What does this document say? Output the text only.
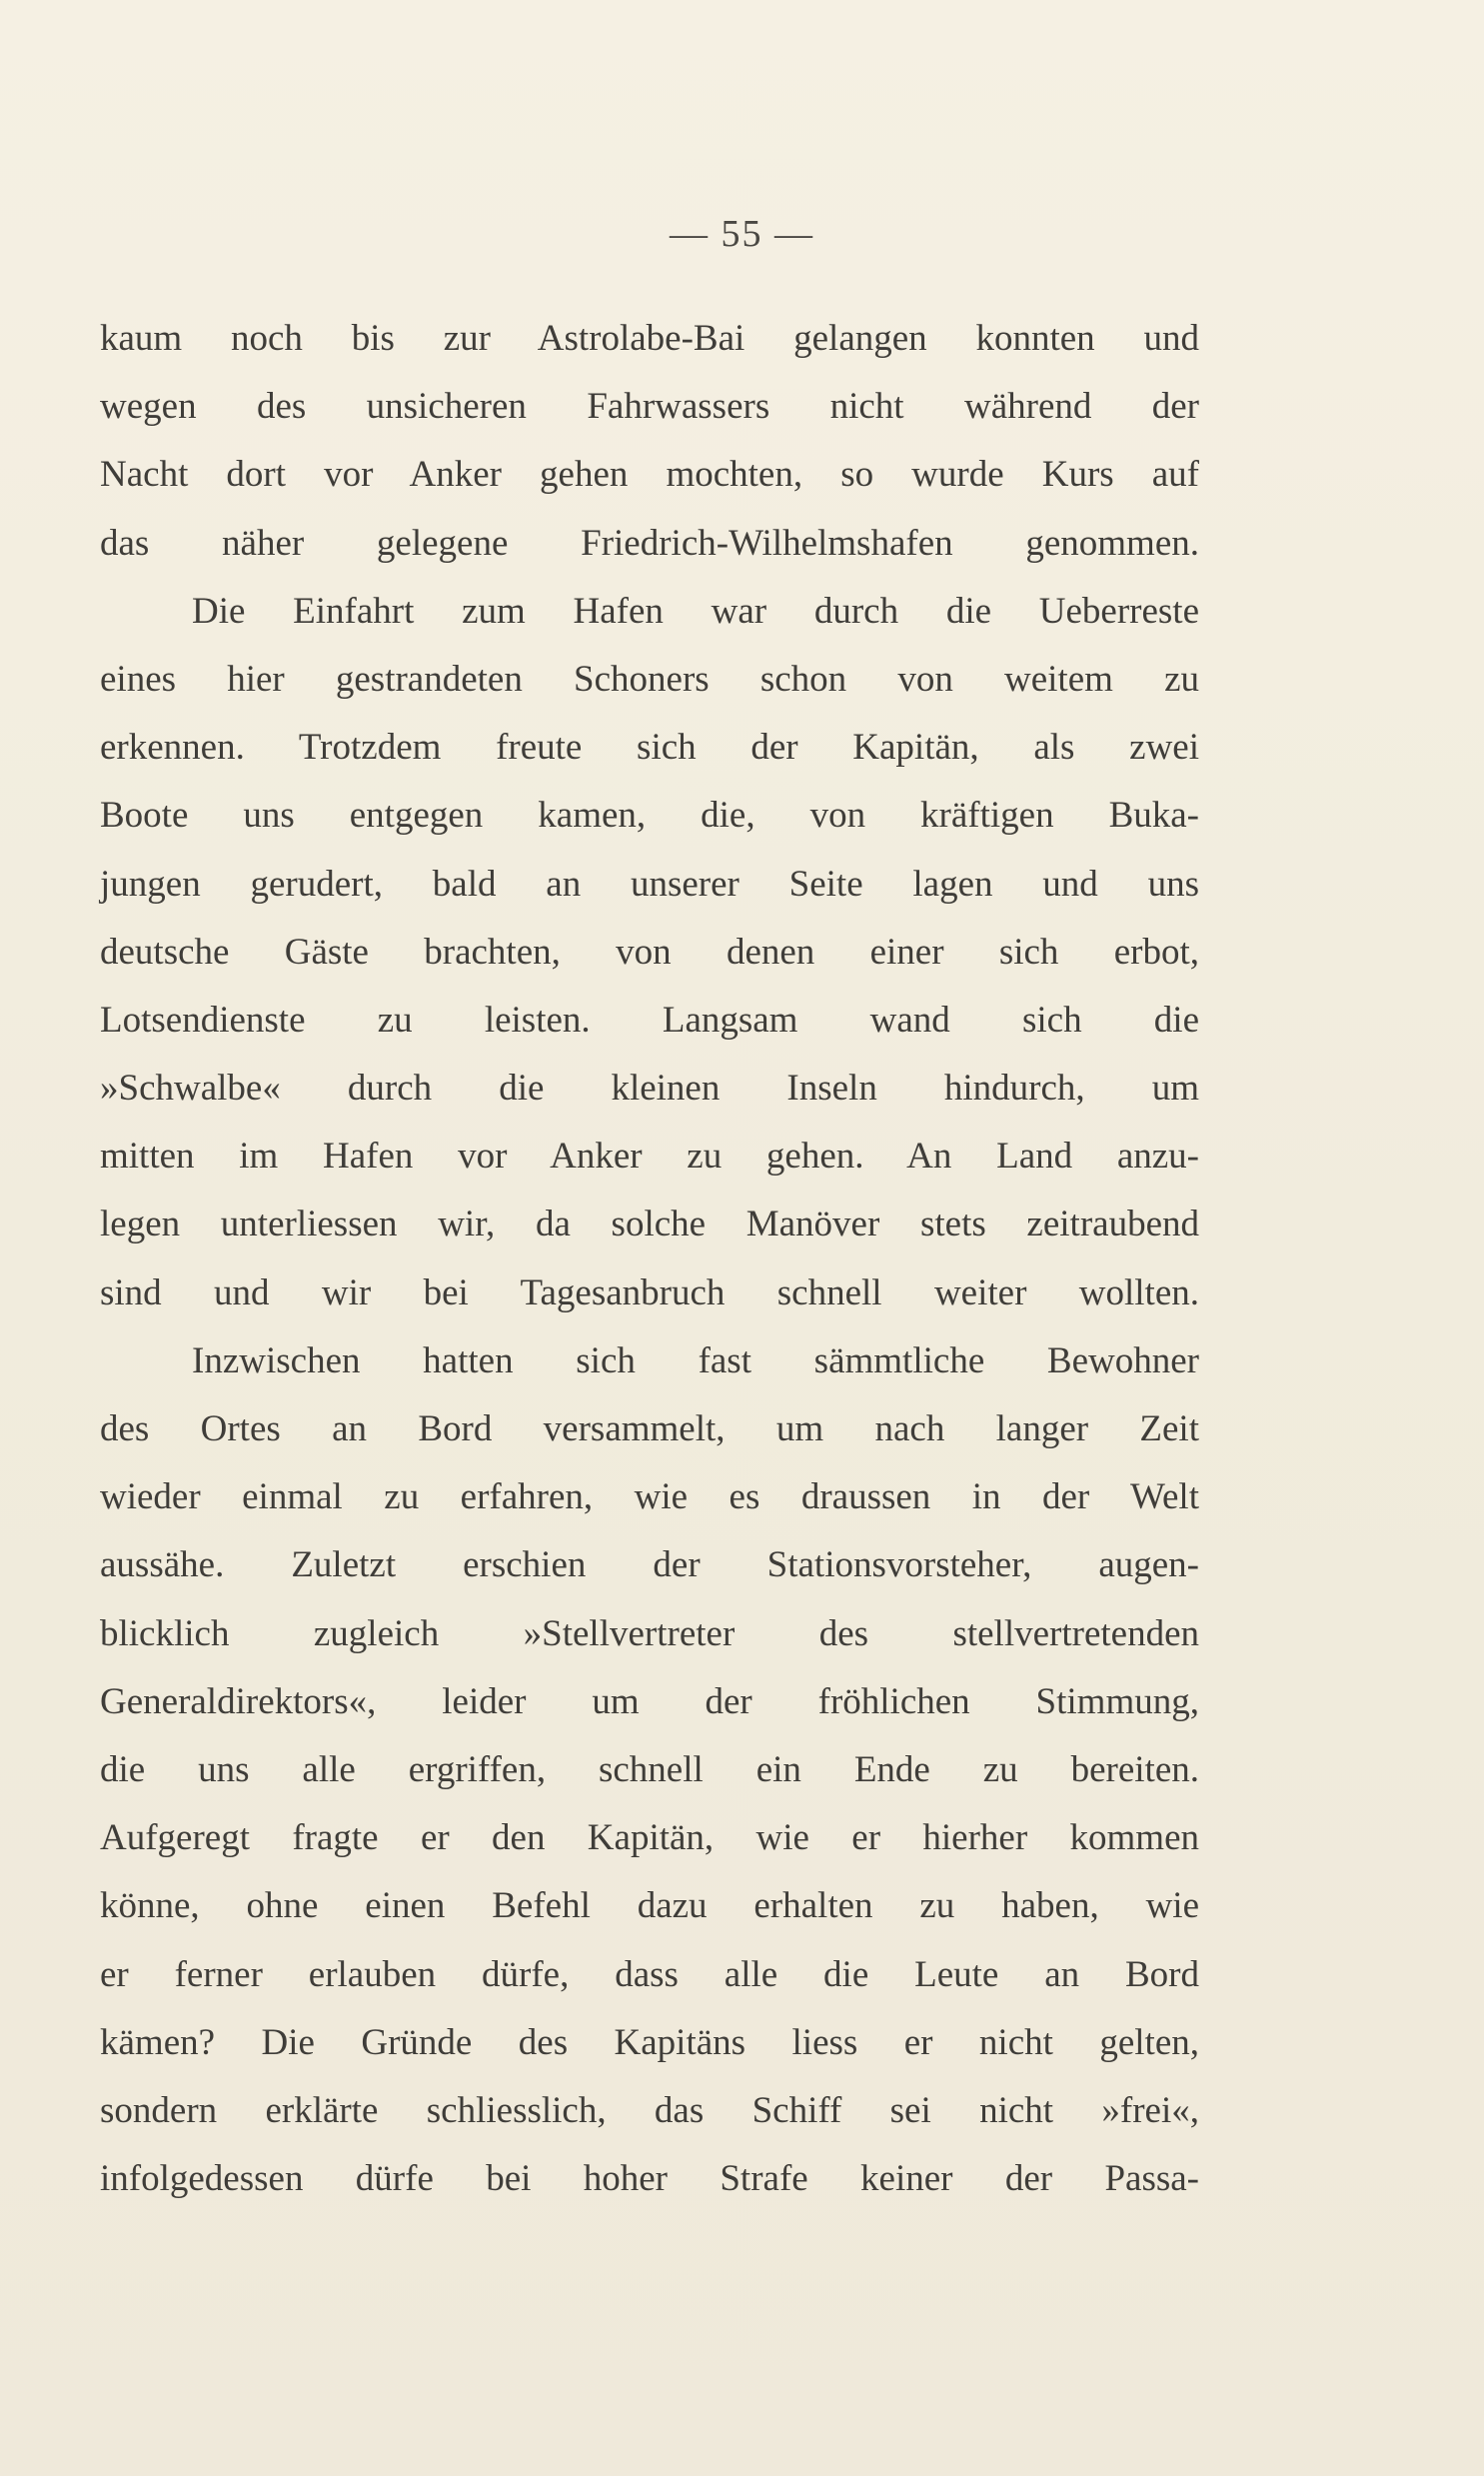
— 55 —
kaum noch bis zur Astrolabe-Bai gelangen konnten und
wegen des unsicheren Fahrwassers nicht während der
Nacht dort vor Anker gehen mochten, so wurde Kurs auf
das näher gelegene Friedrich-Wilhelmshafen genommen.
Die Einfahrt zum Hafen war durch die Ueberreste
eines hier gestrandeten Schoners schon von weitem zu
erkennen. Trotzdem freute sich der Kapitän, als zwei
Boote uns entgegen kamen, die, von kräftigen Buka-
jungen gerudert, bald an unserer Seite lagen und uns
deutsche Gäste brachten, von denen einer sich erbot,
Lotsendienste zu leisten. Langsam wand sich die
»Schwalbe« durch die kleinen Inseln hindurch, um
mitten im Hafen vor Anker zu gehen. An Land anzu-
legen unterliessen wir, da solche Manöver stets zeitraubend
sind und wir bei Tagesanbruch schnell weiter wollten.
Inzwischen hatten sich fast sämmtliche Bewohner
des Ortes an Bord versammelt, um nach langer Zeit
wieder einmal zu erfahren, wie es draussen in der Welt
aussähe. Zuletzt erschien der Stationsvorsteher, augen-
blicklich zugleich »Stellvertreter des stellvertretenden
Generaldirektors«, leider um der fröhlichen Stimmung,
die uns alle ergriffen, schnell ein Ende zu bereiten.
Aufgeregt fragte er den Kapitän, wie er hierher kommen
könne, ohne einen Befehl dazu erhalten zu haben, wie
er ferner erlauben dürfe, dass alle die Leute an Bord
kämen? Die Gründe des Kapitäns liess er nicht gelten,
sondern erklärte schliesslich, das Schiff sei nicht »frei«,
infolgedessen dürfe bei hoher Strafe keiner der Passa-
